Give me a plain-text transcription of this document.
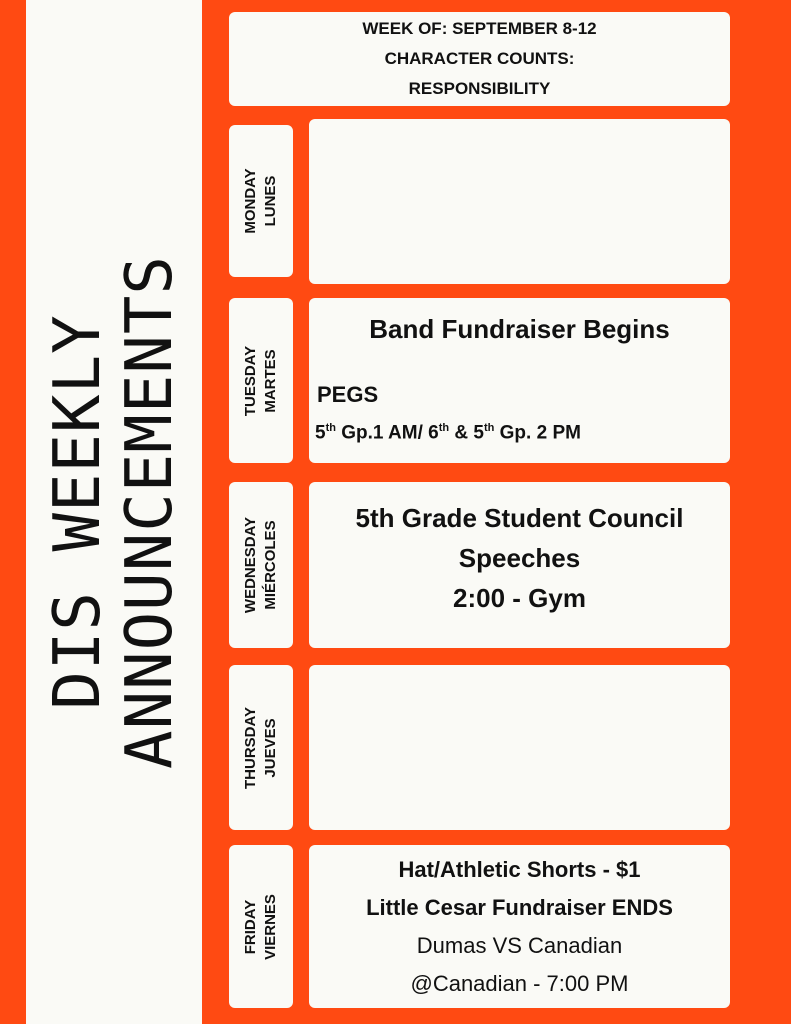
DIS WEEKLY
ANNOUNCEMENTS
WEEK OF: SEPTEMBER 8-12
CHARACTER COUNTS:
RESPONSIBILITY
MONDAY LUNES
TUESDAY MARTES
Band Fundraiser Begins
PEGS
5th Gp.1 AM/ 6th & 5th Gp. 2 PM
WEDNESDAY MIÉRCOLES
5th Grade Student Council
Speeches
2:00 - Gym
THURSDAY JUEVES
FRIDAY VIERNES
Hat/Athletic Shorts - $1
Little Cesar Fundraiser ENDS
Dumas VS Canadian
@Canadian - 7:00 PM
